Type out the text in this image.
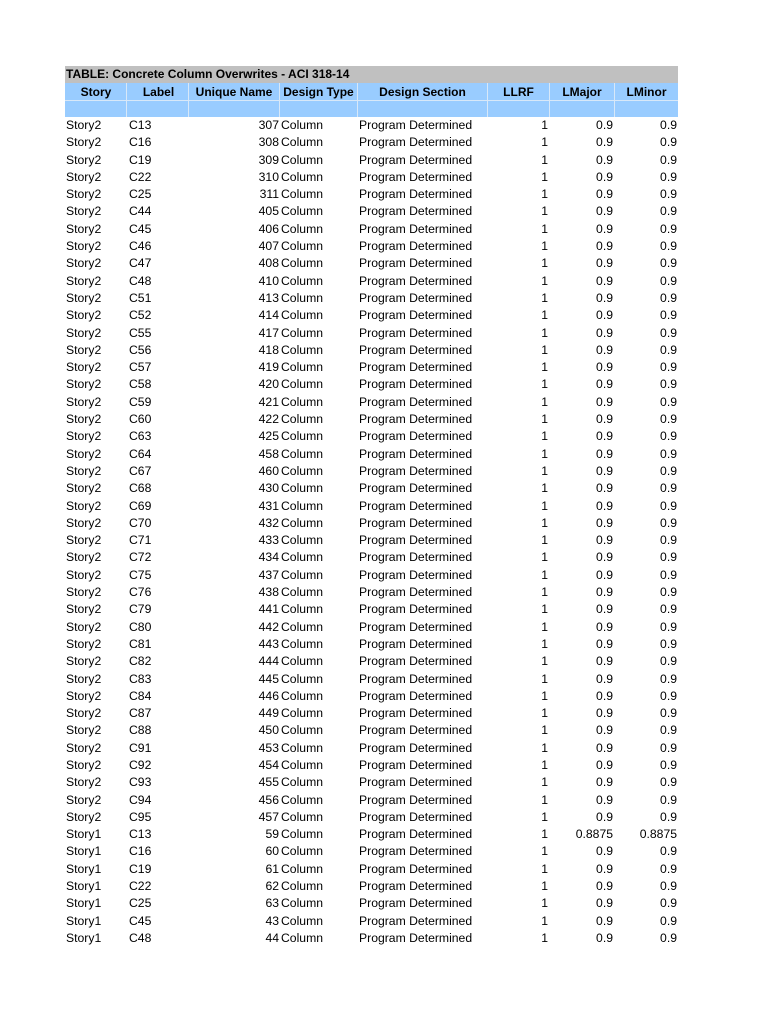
TABLE: Concrete Column Overwrites - ACI 318-14
Story	Label	Unique Name Design Type	Design Section	LLRF	LMajor	LMinor
Story2	C13	307 Column	Program Determined	1	0.9	0.9
Story2	C16	308 Column	Program Determined	1	0.9	0.9
Story2	C19	309 Column	Program Determined	1	0.9	0.9
Story2	C22	310 Column	Program Determined	1	0.9	0.9
Story2	C25	311 Column	Program Determined	1	0.9	0.9
Story2	C44	405 Column	Program Determined	1	0.9	0.9
Story2	C45	406 Column	Program Determined	1	0.9	0.9
Story2	C46	407 Column	Program Determined	1	0.9	0.9
Story2	C47	408 Column	Program Determined	1	0.9	0.9
Story2	C48	410 Column	Program Determined	1	0.9	0.9
Story2	C51	413 Column	Program Determined	1	0.9	0.9
Story2	C52	414 Column	Program Determined	1	0.9	0.9
Story2	C55	417 Column	Program Determined	1	0.9	0.9
Story2	C56	418 Column	Program Determined	1	0.9	0.9
Story2	C57	419 Column	Program Determined	1	0.9	0.9
Story2	C58	420 Column	Program Determined	1	0.9	0.9
Story2	C59	421 Column	Program Determined	1	0.9	0.9
Story2	C60	422 Column	Program Determined	1	0.9	0.9
Story2	C63	425 Column	Program Determined	1	0.9	0.9
Story2	C64	458 Column	Program Determined	1	0.9	0.9
Story2	C67	460 Column	Program Determined	1	0.9	0.9
Story2	C68	430 Column	Program Determined	1	0.9	0.9
Story2	C69	431 Column	Program Determined	1	0.9	0.9
Story2	C70	432 Column	Program Determined	1	0.9	0.9
Story2	C71	433 Column	Program Determined	1	0.9	0.9
Story2	C72	434 Column	Program Determined	1	0.9	0.9
Story2	C75	437 Column	Program Determined	1	0.9	0.9
Story2	C76	438 Column	Program Determined	1	0.9	0.9
Story2	C79	441 Column	Program Determined	1	0.9	0.9
Story2	C80	442 Column	Program Determined	1	0.9	0.9
Story2	C81	443 Column	Program Determined	1	0.9	0.9
Story2	C82	444 Column	Program Determined	1	0.9	0.9
Story2	C83	445 Column	Program Determined	1	0.9	0.9
Story2	C84	446 Column	Program Determined	1	0.9	0.9
Story2	C87	449 Column	Program Determined	1	0.9	0.9
Story2	C88	450 Column	Program Determined	1	0.9	0.9
Story2	C91	453 Column	Program Determined	1	0.9	0.9
Story2	C92	454 Column	Program Determined	1	0.9	0.9
Story2	C93	455 Column	Program Determined	1	0.9	0.9
Story2	C94	456 Column	Program Determined	1	0.9	0.9
Story2	C95	457 Column	Program Determined	1	0.9	0.9
Story1	C13	59 Column	Program Determined	1	0.8875	0.8875
Story1	C16	60 Column	Program Determined	1	0.9	0.9
Story1	C19	61 Column	Program Determined	1	0.9	0.9
Story1	C22	62 Column	Program Determined	1	0.9	0.9
Story1	C25	63 Column	Program Determined	1	0.9	0.9
Story1	C45	43 Column	Program Determined	1	0.9	0.9
Story1	C48	44 Column	Program Determined	1	0.9	0.9
